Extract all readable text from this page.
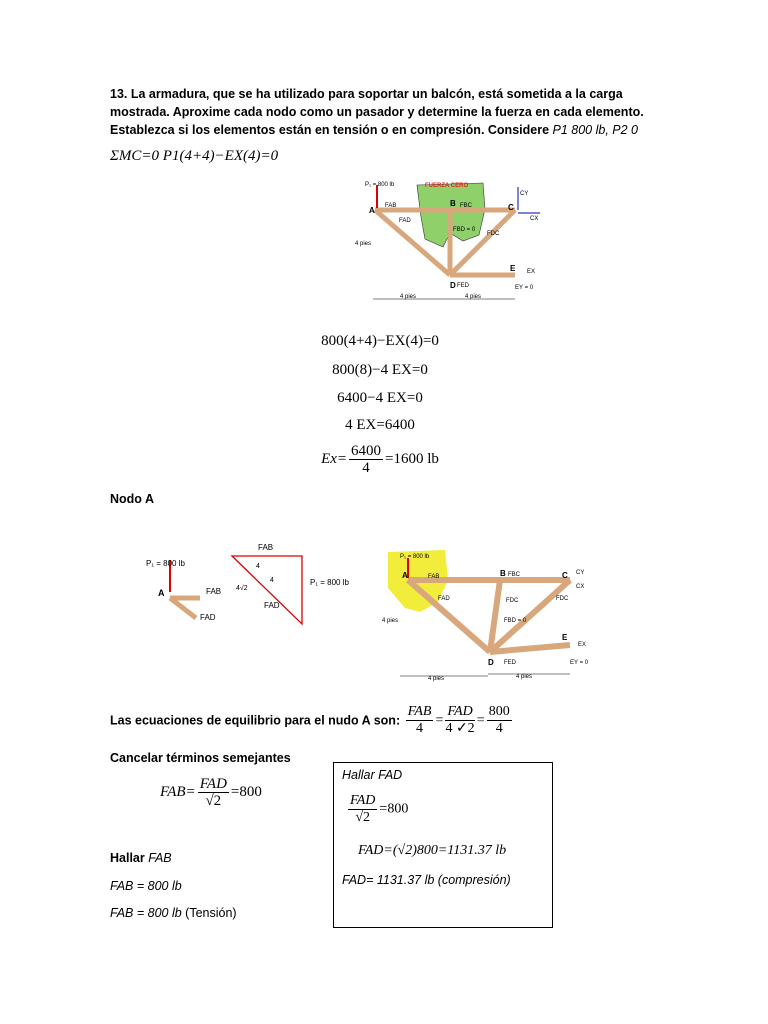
13. La armadura, que se ha utilizado para soportar un balcón, está sometida a la carga
mostrada. Aproxime cada nodo como un pasador y determine la fuerza en cada elemento.
Establezca si los elementos están en tensión o en compresión. Considere P1 800 lb, P2 0
ΣMC=0 P1(4+4)−EX(4)=0
FUERZA CERO
P₁ = 800 lb
A
B	C
D
E
FAB
FAD
FBC
FDC
FBD = 0
FED
CY
CX
EX
EY = 0
4 pies	4 pies
4 pies
800(4+4)−EX(4)=0
800(8)−4 EX=0
6400−4 EX=0
4 EX=6400
$Ex= \frac{6400}{4} =1600$ lb
Nodo A
P₁ = 800 lb
A	FAB
FAD
FAB
FAD
P₁ = 800 lb
4
4
4√2
P₁ = 800 lb
A	B	C
D
E
FAB
FAD
FBC
FDC
FBD = 0
FDC
FED
CY
CX
EX
EY = 0
4 pies
4 pies	4 pies
Las ecuaciones de equilibrio para el nudo A son: $\frac{\text{FAB}}{4} = \frac{\text{FAD}}{4 ✓2} = \frac{800}{4}$
Cancelar términos semejantes
$FAB= \frac{\text{FAD}}{√2} =800$
Hallar FAB
FAB = 800 lb
FAB = 800 lb (Tensión)
Hallar FAD
$\frac{\text{FAD}}{√2} =800$
FAD=(√2)800=1131.37 lb
FAD= 1131.37 lb (compresión)
